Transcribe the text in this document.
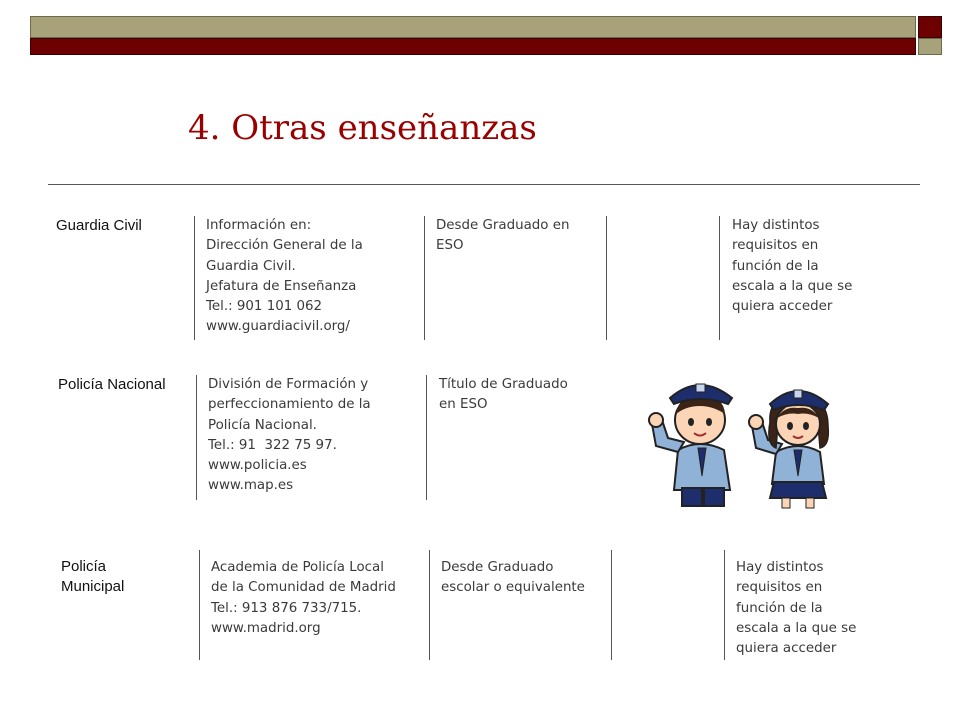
4. Otras enseñanzas
Guardia Civil	Información en:
Dirección General de la
Guardia Civil.
Jefatura de Enseñanza
Tel.: 901 101 062
www.guardiacivil.org/
Desde Graduado en
ESO
Hay distintos
requisitos en
función de la
escala a la que se
quiera acceder
Policía Nacional	División de Formación y
perfeccionamiento de la
Policía Nacional.
Tel.: 91  322 75 97.
www.policia.es
www.map.es
Título de Graduado
en ESO
Policía
Municipal
Academia de Policía Local
de la Comunidad de Madrid
Tel.: 913 876 733/715.
www.madrid.org
Desde Graduado
escolar o equivalente
Hay distintos
requisitos en
función de la
escala a la que se
quiera acceder
